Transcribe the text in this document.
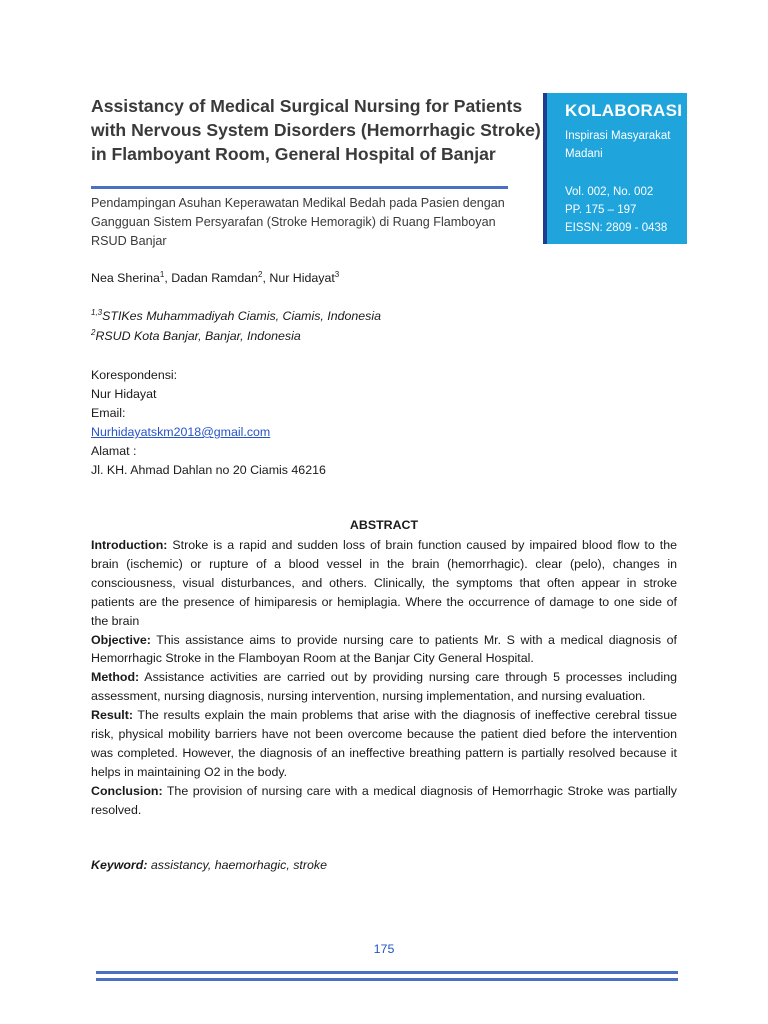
Assistancy of Medical Surgical Nursing for Patients with Nervous System Disorders (Hemorrhagic Stroke) in Flamboyant Room, General Hospital of Banjar

Pendampingan Asuhan Keperawatan Medikal Bedah pada Pasien dengan Gangguan Sistem Persyarafan (Stroke Hemoragik) di Ruang Flamboyan RSUD Banjar

KOLABORASI
Inspirasi Masyarakat Madani
Vol. 002, No. 002
PP. 175 – 197
EISSN: 2809 - 0438
Nea Sherina$^1$, Dadan Ramdan$^2$, Nur Hidayat$^3$
$^{1,3}$STIKes Muhammadiyah Ciamis, Ciamis, Indonesia
$^2$RSUD Kota Banjar, Banjar, Indonesia
Korespondensi:
Nur Hidayat
Email:
Nurhidayatskm2018@gmail.com
Alamat :
Jl. KH. Ahmad Dahlan no 20 Ciamis 46216
ABSTRACT

Introduction: Stroke is a rapid and sudden loss of brain function caused by impaired blood flow to the brain (ischemic) or rupture of a blood vessel in the brain (hemorrhagic). clear (pelo), changes in consciousness, visual disturbances, and others. Clinically, the symptoms that often appear in stroke patients are the presence of himiparesis or hemiplagia. Where the occurrence of damage to one side of the brain

Objective: This assistance aims to provide nursing care to patients Mr. S with a medical diagnosis of Hemorrhagic Stroke in the Flamboyan Room at the Banjar City General Hospital.

Method: Assistance activities are carried out by providing nursing care through 5 processes including assessment, nursing diagnosis, nursing intervention, nursing implementation, and nursing evaluation.

Result: The results explain the main problems that arise with the diagnosis of ineffective cerebral tissue risk, physical mobility barriers have not been overcome because the patient died before the intervention was completed. However, the diagnosis of an ineffective breathing pattern is partially resolved because it helps in maintaining O2 in the body.

Conclusion: The provision of nursing care with a medical diagnosis of Hemorrhagic Stroke was partially resolved.

Keyword: assistancy, haemorhagic, stroke
175
